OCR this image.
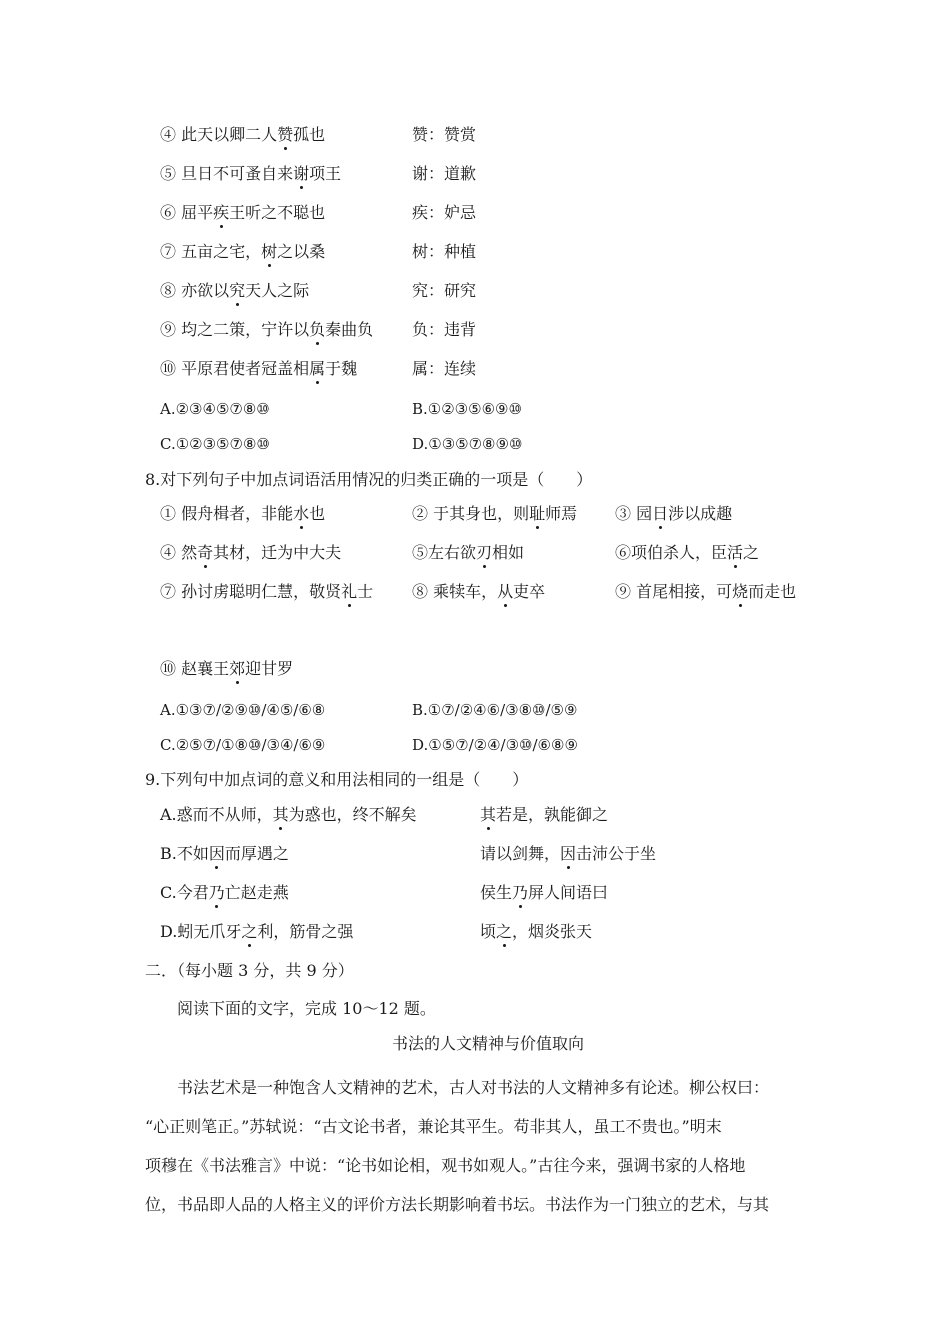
A.②③④⑤⑦⑧⑩	B.①②③⑤⑥⑨⑩
C.①②③⑤⑦⑧⑩	D.①③⑤⑦⑧⑨⑩
8.对下列句子中加点词语活用情况的归类正确的一项是（　　）
A.①③⑦/②⑨⑩/④⑤/⑥⑧	B.①⑦/②④⑥/③⑧⑩/⑤⑨
C.②⑤⑦/①⑧⑩/③④/⑥⑨	D.①⑤⑦/②④/③⑩/⑥⑧⑨
9.下列句中加点词的意义和用法相同的一组是（　　）
二．（每小题 3 分，共 9 分）
阅读下面的文字，完成 10～12 题。
书法的人文精神与价值取向
书法艺术是一种饱含人文精神的艺术，古人对书法的人文精神多有论述。柳公权曰：
“心正则笔正。”苏轼说：“古文论书者，兼论其平生。苟非其人，虽工不贵也。”明末
项穆在《书法雅言》中说：“论书如论相，观书如观人。”古往今来，强调书家的人格地
位，书品即人品的人格主义的评价方法长期影响着书坛。书法作为一门独立的艺术，与其
④ 此天以卿二人赞孤也	赞：赞赏
⑤ 旦日不可蚤自来谢项王	谢：道歉
⑥ 屈平疾王听之不聪也	疾：妒忌
⑦ 五亩之宅，树之以桑	树：种植
⑧ 亦欲以究天人之际	究：研究
⑨ 均之二策，宁许以负秦曲负 负：违背
⑩ 平原君使者冠盖相属于魏	属：连续
① 假舟楫者，非能水也	② 于其身也，则耻师焉 ③ 园日涉以成趣
④ 然奇其材，迁为中大夫	⑤左右欲刃相如	⑥项伯杀人，臣活之
⑦ 孙讨虏聪明仁慧，敬贤礼士 ⑧ 乘犊车，从吏卒	⑨ 首尾相接，可烧而走也
⑩ 赵襄王郊迎甘罗
A.惑而不从师，其为惑也，终不解矣	其若是，孰能御之
B.不如因而厚遇之	请以剑舞，因击沛公于坐
C.今君乃亡赵走燕	侯生乃屏人间语曰
D.蚓无爪牙之利，筋骨之强	顷之，烟炎张天
